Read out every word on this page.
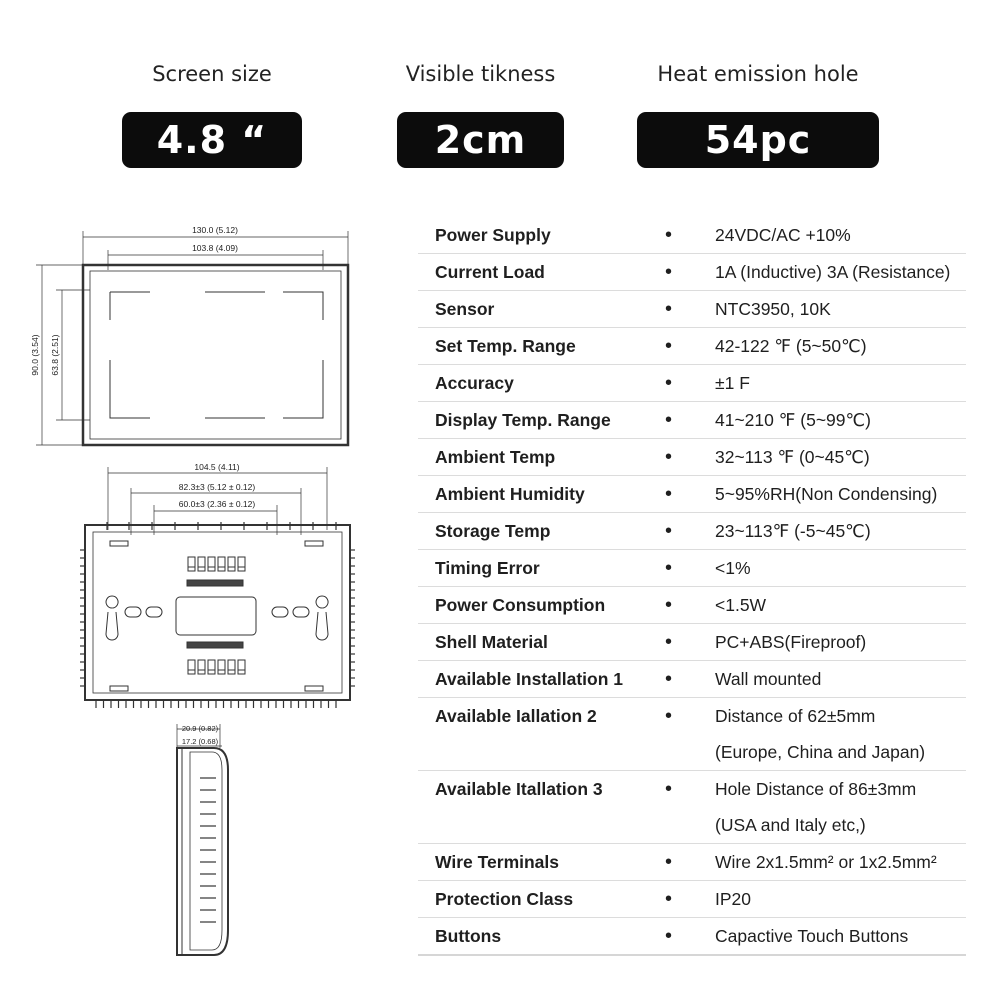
Screen size
4.8 “
Visible tikness
2cm
Heat emission hole
54pc
130.0 (5.12)
103.8 (4.09)
90.0 (3.54) 63.8 (2.51)
104.5 (4.11)
82.3±3 (5.12 ± 0.12)
60.0±3 (2.36 ± 0.12)
20.9 (0.82)
17.2 (0.68)
Power Supply	•	24VDC/AC +10%

Current Load	•	1A (Inductive) 3A (Resistance)

Sensor	•	NTC3950, 10K

Set Temp. Range	•	42-122 ℉ (5~50℃)

Accuracy	•	±1 F

Display Temp. Range	•	41~210 ℉ (5~99℃)

Ambient Temp	•	32~113 ℉ (0~45℃)

Ambient Humidity	•	5~95%RH(Non Condensing)

Storage Temp	•	23~113℉ (-5~45℃)

Timing Error	•	<1%

Power Consumption	•	<1.5W

Shell Material	•	PC+ABS(Fireproof)

Available Installation 1	•	Wall mounted

Available Iallation 2	•	Distance of 62±5mm
(Europe, China and Japan)

Available Itallation 3	•	Hole Distance of 86±3mm
(USA and Italy etc,)

Wire Terminals	•	Wire 2x1.5mm² or 1x2.5mm²

Protection Class	•	IP20

Buttons	•	Capactive Touch Buttons
